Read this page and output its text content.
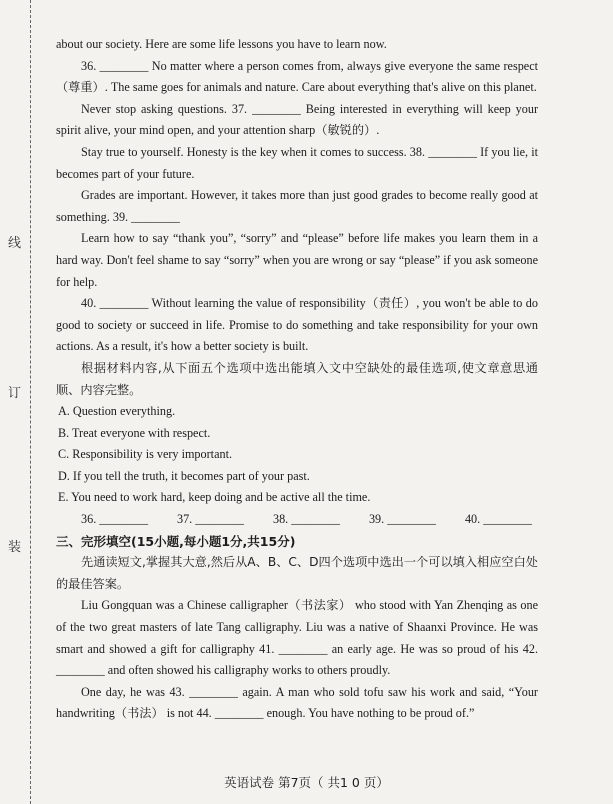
线
订
装

about our society. Here are some life lessons you have to learn now.

36. ________ No matter where a person comes from, always give everyone the same respect（尊重）. The same goes for animals and nature. Care about everything that's alive on this planet.

Never stop asking questions. 37. ________ Being interested in everything will keep your spirit alive, your mind open, and your attention sharp（敏锐的）.

Stay true to yourself. Honesty is the key when it comes to success. 38. ________ If you lie, it becomes part of your future.

Grades are important. However, it takes more than just good grades to become really good at something. 39. ________

Learn how to say “thank you”, “sorry” and “please” before life makes you learn them in a hard way. Don't feel shame to say “sorry” when you are wrong or say “please” if you ask someone for help.

40. ________ Without learning the value of responsibility（责任）, you won't be able to do good to society or succeed in life. Promise to do something and take responsibility for your own actions. As a result, it's how a better society is built.

根据材料内容,从下面五个选项中选出能填入文中空缺处的最佳选项,使文章意思通顺、内容完整。

A. Question everything.

B. Treat everyone with respect.

C. Responsibility is very important.

D. If you tell the truth, it becomes part of your past.

E. You need to work hard, keep doing and be active all the time.

36. ________ 37. ________ 38. ________ 39. ________ 40. ________

三、完形填空(15小题,每小题1分,共15分)

先通读短文,掌握其大意,然后从A、B、C、D四个选项中选出一个可以填入相应空白处的最佳答案。

Liu Gongquan was a Chinese calligrapher（书法家） who stood with Yan Zhenqing as one of the two great masters of late Tang calligraphy. Liu was a native of Shaanxi Province. He was smart and showed a gift for calligraphy 41. ________ an early age. He was so proud of his 42. ________ and often showed his calligraphy works to others proudly.

One day, he was 43. ________ again. A man who sold tofu saw his work and said, “Your handwriting（书法） is not 44. ________ enough. You have nothing to be proud of.”

英语试卷 第7页（ 共1 0 页）
